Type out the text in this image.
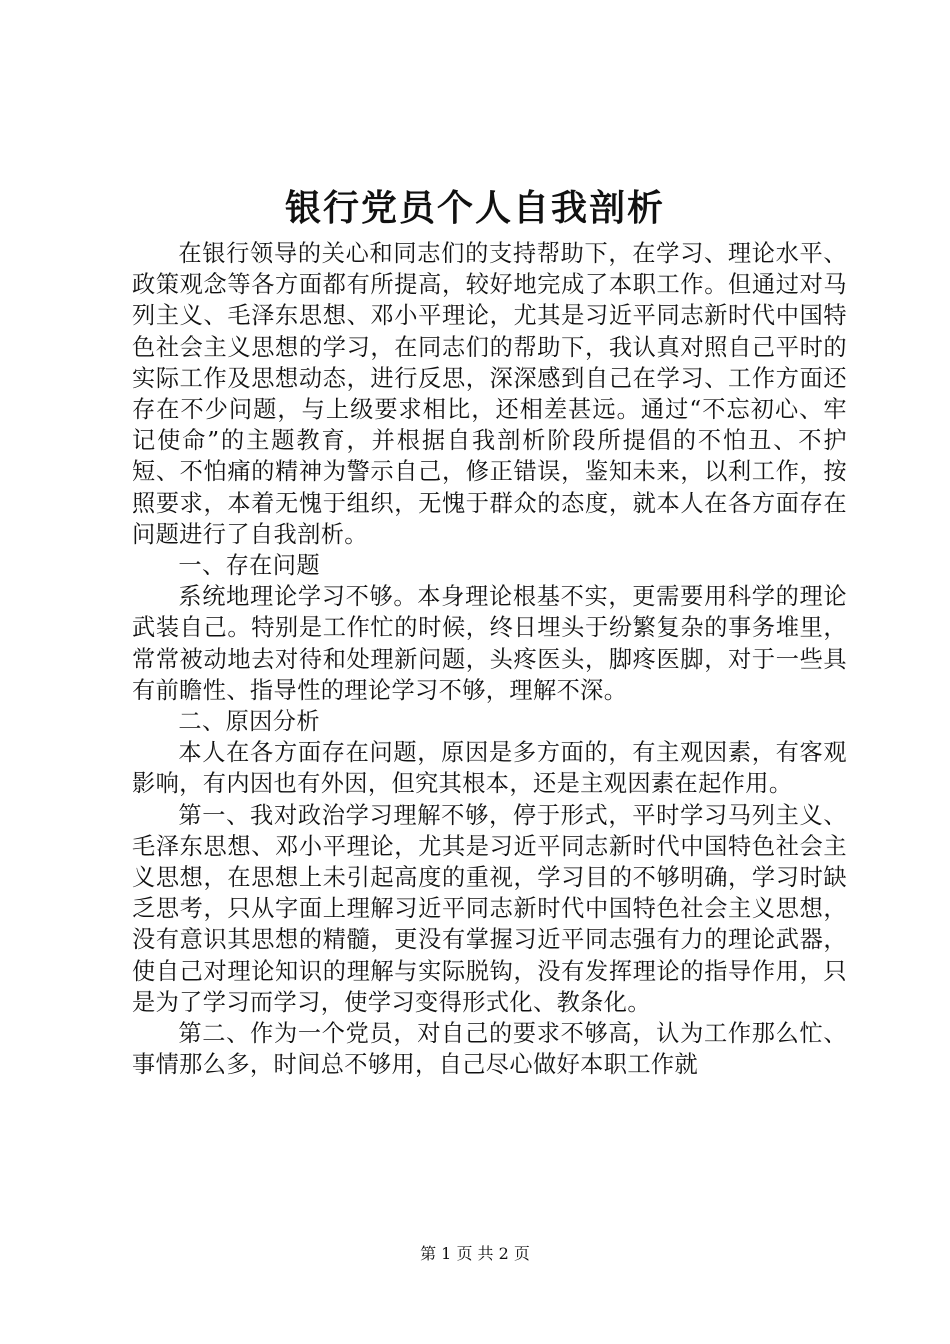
银行党员个人自我剖析

在银行领导的关心和同志们的支持帮助下，在学习、理论水平、政策观念等各方面都有所提高，较好地完成了本职工作。但通过对马列主义、毛泽东思想、邓小平理论，尤其是习近平同志新时代中国特色社会主义思想的学习，在同志们的帮助下，我认真对照自己平时的实际工作及思想动态，进行反思，深深感到自己在学习、工作方面还存在不少问题，与上级要求相比，还相差甚远。通过“不忘初心、牢记使命”的主题教育，并根据自我剖析阶段所提倡的不怕丑、不护短、不怕痛的精神为警示自己，修正错误，鉴知未来，以利工作，按照要求，本着无愧于组织，无愧于群众的态度，就本人在各方面存在问题进行了自我剖析。

一、存在问题

系统地理论学习不够。本身理论根基不实，更需要用科学的理论武装自己。特别是工作忙的时候，终日埋头于纷繁复杂的事务堆里，常常被动地去对待和处理新问题，头疼医头，脚疼医脚，对于一些具有前瞻性、指导性的理论学习不够，理解不深。

二、原因分析

本人在各方面存在问题，原因是多方面的，有主观因素，有客观影响，有内因也有外因，但究其根本，还是主观因素在起作用。

第一、我对政治学习理解不够，停于形式，平时学习马列主义、毛泽东思想、邓小平理论，尤其是习近平同志新时代中国特色社会主义思想，在思想上未引起高度的重视，学习目的不够明确，学习时缺乏思考，只从字面上理解习近平同志新时代中国特色社会主义思想，没有意识其思想的精髓，更没有掌握习近平同志强有力的理论武器，使自己对理论知识的理解与实际脱钩，没有发挥理论的指导作用，只是为了学习而学习，使学习变得形式化、教条化。

第二、作为一个党员，对自己的要求不够高，认为工作那么忙、事情那么多，时间总不够用，自己尽心做好本职工作就

第 1 页 共 2 页
